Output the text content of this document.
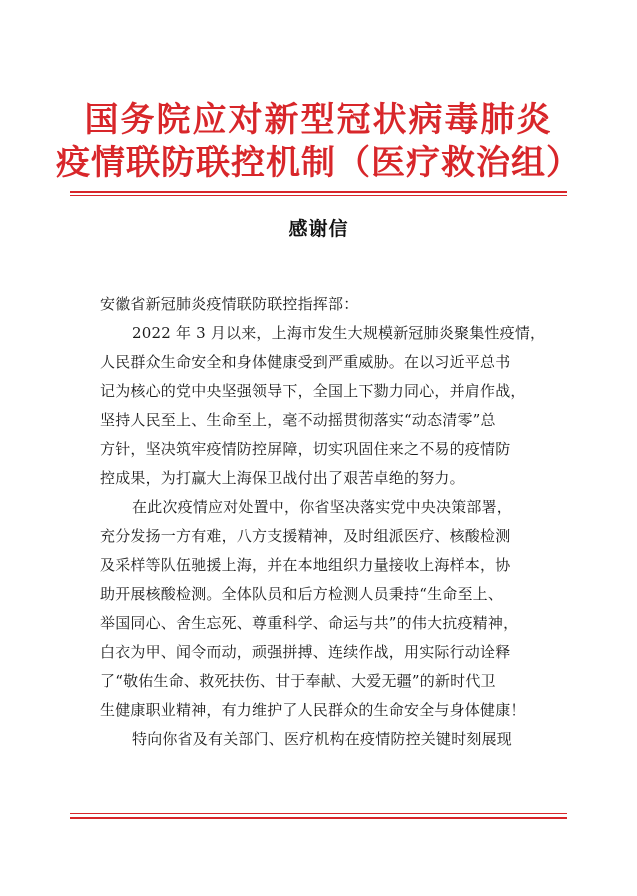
国务院应对新型冠状病毒肺炎
疫情联防联控机制（医疗救治组）
感谢信
安徽省新冠肺炎疫情联防联控指挥部：
2022 年 3 月以来，上海市发生大规模新冠肺炎聚集性疫情，
人民群众生命安全和身体健康受到严重威胁。在以习近平总书
记为核心的党中央坚强领导下，全国上下勠力同心，并肩作战，
坚持人民至上、生命至上，毫不动摇贯彻落实“动态清零”总
方针，坚决筑牢疫情防控屏障，切实巩固住来之不易的疫情防
控成果，为打赢大上海保卫战付出了艰苦卓绝的努力。
在此次疫情应对处置中，你省坚决落实党中央决策部署，
充分发扬一方有难，八方支援精神，及时组派医疗、核酸检测
及采样等队伍驰援上海，并在本地组织力量接收上海样本，协
助开展核酸检测。全体队员和后方检测人员秉持“生命至上、
举国同心、舍生忘死、尊重科学、命运与共”的伟大抗疫精神，
白衣为甲、闻令而动，顽强拼搏、连续作战，用实际行动诠释
了“敬佑生命、救死扶伤、甘于奉献、大爱无疆”的新时代卫
生健康职业精神，有力维护了人民群众的生命安全与身体健康！
特向你省及有关部门、医疗机构在疫情防控关键时刻展现
